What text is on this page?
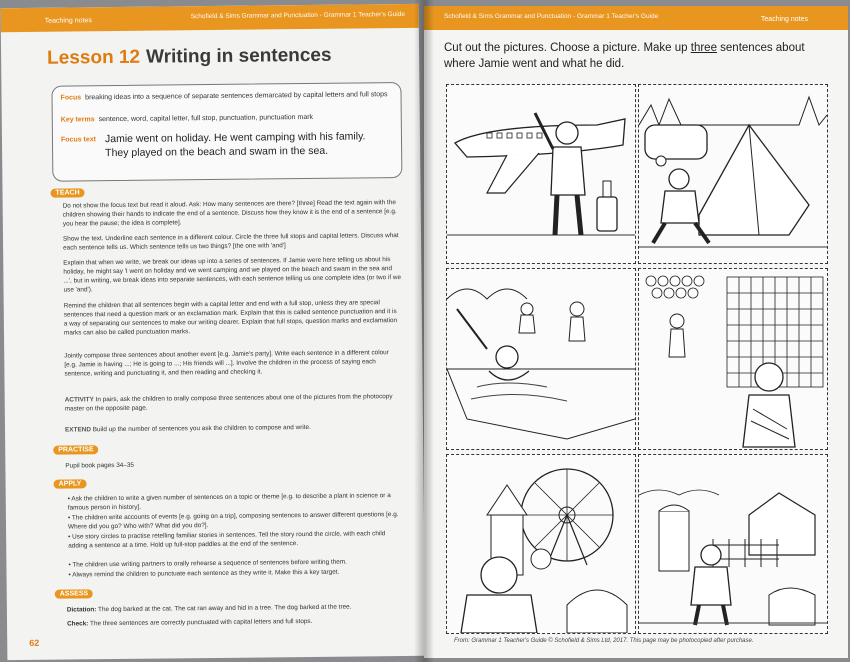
Teaching notes
Schofield & Sims Grammar and Punctuation - Grammar 1 Teacher's Guide
Lesson 12 Writing in sentences
Focus breaking ideas into a sequence of separate sentences demarcated by capital letters and full stops
Key terms sentence, word, capital letter, full stop, punctuation, punctuation mark
Focus text Jamie went on holiday. He went camping with his family.
They played on the beach and swam in the sea.
TEACH
Do not show the focus text but read it aloud. Ask: How many sentences are there? [three] Read the text again with the children showing their hands to indicate the end of a sentence. Discuss how they know it is the end of a sentence [e.g. you hear the pause; the idea is complete].
Show the text. Underline each sentence in a different colour. Circle the three full stops and capital letters. Discuss what each sentence tells us. Which sentence tells us two things? [the one with 'and']
Explain that when we write, we break our ideas up into a series of sentences. If Jamie were here telling us about his holiday, he might say 'I went on holiday and we went camping and we played on the beach and swam in the sea and ...', but in writing, we break ideas into separate sentences, with each sentence telling us one complete idea (or two if we use 'and').
Remind the children that all sentences begin with a capital letter and end with a full stop, unless they are special sentences that need a question mark or an exclamation mark. Explain that this is called sentence punctuation and it is a way of separating our sentences to make our writing clearer. Explain that full stops, question marks and exclamation marks can also be called punctuation marks.
Jointly compose three sentences about another event [e.g. Jamie's party]. Write each sentence in a different colour [e.g. Jamie is having ...; He is going to ...; His friends will ...]. Involve the children in the process of saying each sentence, writing and punctuating it, and then reading and checking it.
ACTIVITY In pairs, ask the children to orally compose three sentences about one of the pictures from the photocopy master on the opposite page.
EXTEND Build up the number of sentences you ask the children to compose and write.
PRACTISE
Pupil book pages 34–35
APPLY
• Ask the children to write a given number of sentences on a topic or theme [e.g. to describe a plant in science or a famous person in history].
• The children write accounts of events [e.g. going on a trip], composing sentences to answer different questions [e.g. Where did you go? Who with? What did you do?].
• Use story circles to practise retelling familiar stories in sentences. Tell the story round the circle, with each child adding a sentence at a time. Hold up full-stop paddles at the end of the sentence.
• The children use writing partners to orally rehearse a sequence of sentences before writing them.
• Always remind the children to punctuate each sentence as they write it. Make this a key target.
ASSESS
Dictation: The dog barked at the cat. The cat ran away and hid in a tree. The dog barked at the tree.
Check: The three sentences are correctly punctuated with capital letters and full stops.
62
Schofield & Sims Grammar and Punctuation - Grammar 1 Teacher's Guide	Teaching notes
Cut out the pictures. Choose a picture. Make up three sentences about where Jamie went and what he did.
From: Grammar 1 Teacher's Guide © Schofield & Sims Ltd, 2017. This page may be photocopied after purchase.
